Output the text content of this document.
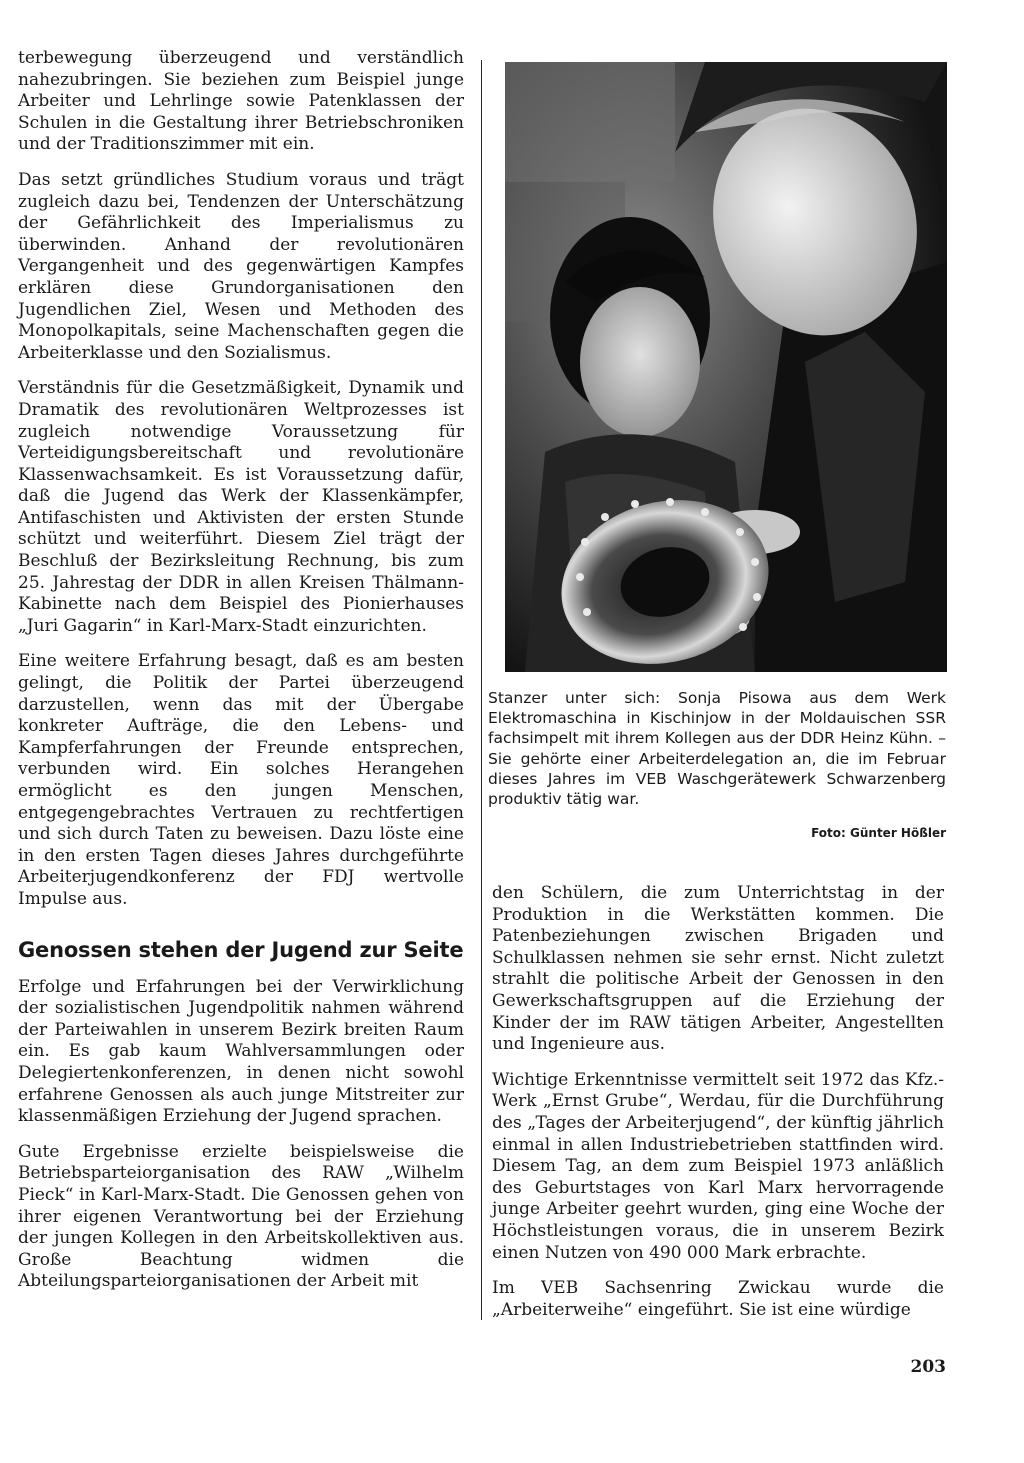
terbewegung überzeugend und verständlich nahezubringen. Sie beziehen zum Beispiel junge Arbeiter und Lehrlinge sowie Patenklassen der Schulen in die Gestaltung ihrer Betriebschroniken und der Traditionszimmer mit ein.

Das setzt gründliches Studium voraus und trägt zugleich dazu bei, Tendenzen der Unterschätzung der Gefährlichkeit des Imperialismus zu überwinden. Anhand der revolutionären Vergangenheit und des gegenwärtigen Kampfes erklären diese Grundorganisationen den Jugendlichen Ziel, Wesen und Methoden des Monopolkapitals, seine Machenschaften gegen die Arbeiterklasse und den Sozialismus.

Verständnis für die Gesetzmäßigkeit, Dynamik und Dramatik des revolutionären Weltprozesses ist zugleich notwendige Voraussetzung für Verteidigungsbereitschaft und revolutionäre Klassenwachsamkeit. Es ist Voraussetzung dafür, daß die Jugend das Werk der Klassenkämpfer, Antifaschisten und Aktivisten der ersten Stunde schützt und weiterführt. Diesem Ziel trägt der Beschluß der Bezirksleitung Rechnung, bis zum 25. Jahrestag der DDR in allen Kreisen Thälmann-Kabinette nach dem Beispiel des Pionierhauses „Juri Gagarin“ in Karl-Marx-Stadt einzurichten.

Eine weitere Erfahrung besagt, daß es am besten gelingt, die Politik der Partei überzeugend darzustellen, wenn das mit der Übergabe konkreter Aufträge, die den Lebens- und Kampferfahrungen der Freunde entsprechen, verbunden wird. Ein solches Herangehen ermöglicht es den jungen Menschen, entgegengebrachtes Vertrauen zu rechtfertigen und sich durch Taten zu beweisen. Dazu löste eine in den ersten Tagen dieses Jahres durchgeführte Arbeiterjugendkonferenz der FDJ wertvolle Impulse aus.

Genossen stehen der Jugend zur Seite

Erfolge und Erfahrungen bei der Verwirklichung der sozialistischen Jugendpolitik nahmen während der Parteiwahlen in unserem Bezirk breiten Raum ein. Es gab kaum Wahlversammlungen oder Delegiertenkonferenzen, in denen nicht sowohl erfahrene Genossen als auch junge Mitstreiter zur klassenmäßigen Erziehung der Jugend sprachen.

Gute Ergebnisse erzielte beispielsweise die Betriebsparteiorganisation des RAW „Wilhelm Pieck“ in Karl-Marx-Stadt. Die Genossen gehen von ihrer eigenen Verantwortung bei der Erziehung der jungen Kollegen in den Arbeitskollektiven aus. Große Beachtung widmen die Abteilungsparteiorganisationen der Arbeit mit

Stanzer unter sich: Sonja Pisowa aus dem Werk Elektromaschina in Kischinjow in der Moldauischen SSR fachsimpelt mit ihrem Kollegen aus der DDR Heinz Kühn. – Sie gehörte einer Arbeiterdelegation an, die im Februar dieses Jahres im VEB Waschgerätewerk Schwarzenberg produktiv tätig war.

Foto: Günter Hößler

den Schülern, die zum Unterrichtstag in der Produktion in die Werkstätten kommen. Die Patenbeziehungen zwischen Brigaden und Schulklassen nehmen sie sehr ernst. Nicht zuletzt strahlt die politische Arbeit der Genossen in den Gewerkschaftsgruppen auf die Erziehung der Kinder der im RAW tätigen Arbeiter, Angestellten und Ingenieure aus.

Wichtige Erkenntnisse vermittelt seit 1972 das Kfz.-Werk „Ernst Grube“, Werdau, für die Durchführung des „Tages der Arbeiterjugend“, der künftig jährlich einmal in allen Industriebetrieben stattfinden wird. Diesem Tag, an dem zum Beispiel 1973 anläßlich des Geburtstages von Karl Marx hervorragende junge Arbeiter geehrt wurden, ging eine Woche der Höchstleistungen voraus, die in unserem Bezirk einen Nutzen von 490 000 Mark erbrachte.

Im VEB Sachsenring Zwickau wurde die „Arbeiterweihe“ eingeführt. Sie ist eine würdige

203
